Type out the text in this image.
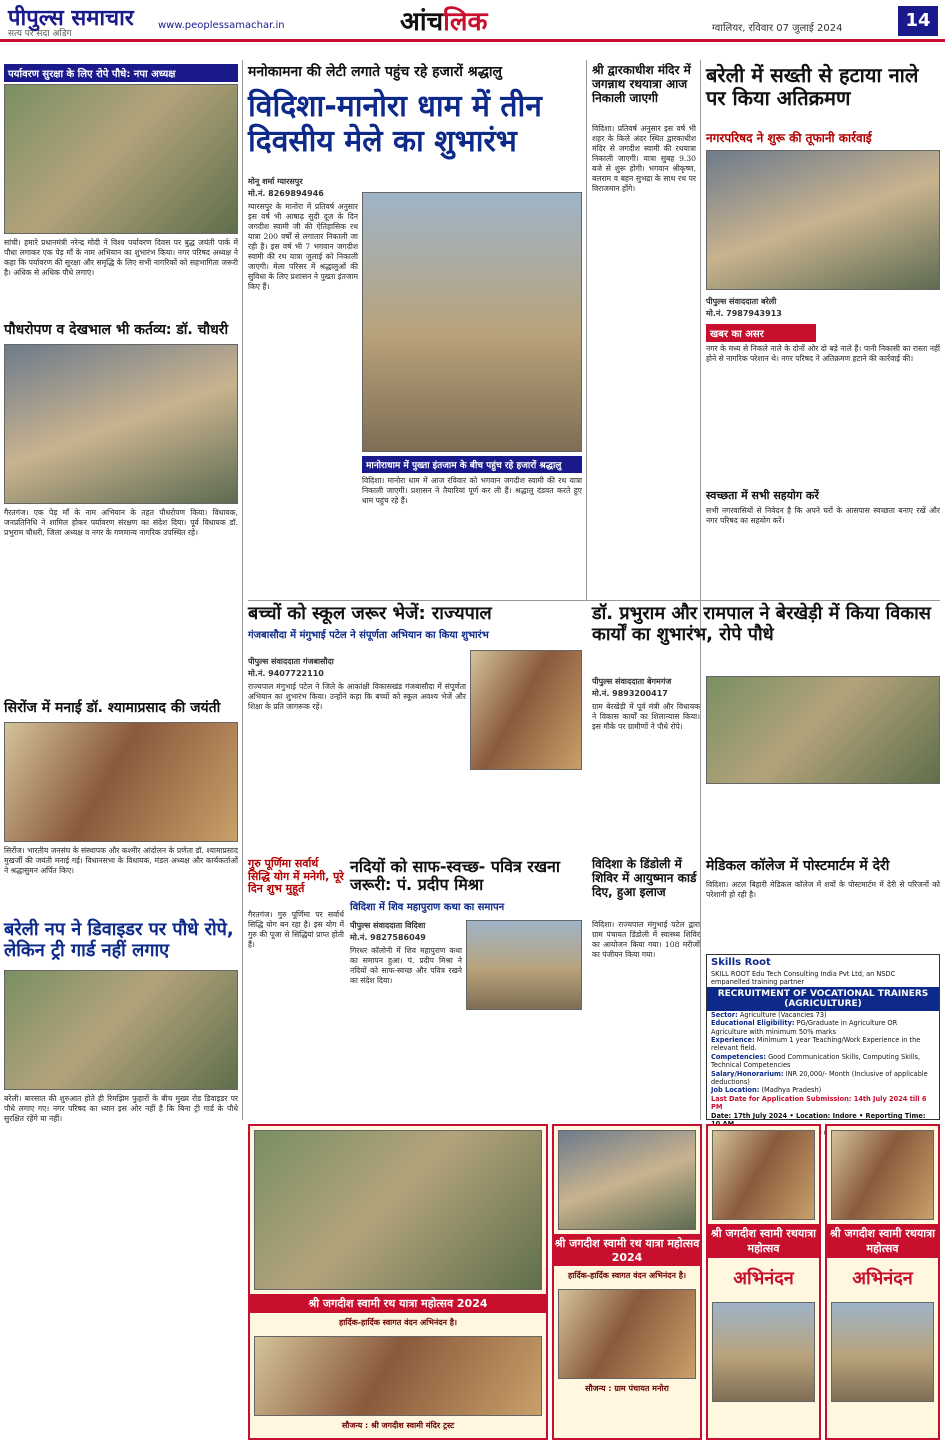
पीपुल्स समाचार
सत्य पर सदा अडिग
www.peoplessamachar.in	आंचलिक	ग्वालियर, रविवार 07 जुलाई 2024	14
पर्यावरण सुरक्षा के लिए रोपे पौधे: नपा अध्यक्ष
सांची। हमारे प्रधानमंत्री नरेन्द्र मोदी ने विश्व पर्यावरण दिवस पर बुद्ध जयंती पार्क में पौधा लगाकर एक पेड़ माँ के नाम अभियान का शुभारंभ किया। नगर परिषद अध्यक्ष ने कहा कि पर्यावरण की सुरक्षा और समृद्धि के लिए सभी नागरिकों को सहभागिता जरूरी है। अधिक से अधिक पौधे लगाएं।
पौधरोपण व देखभाल भी कर्तव्य: डॉ. चौधरी
गैरतगंज। एक पेड़ माँ के नाम अभियान के तहत पौधरोपण किया। विधायक, जनप्रतिनिधि ने शामिल होकर पर्यावरण संरक्षण का संदेश दिया। पूर्व विधायक डॉ. प्रभुराम चौधरी, जिला अध्यक्ष व नगर के गणमान्य नागरिक उपस्थित रहे।
सिरोंज में मनाई डॉ. श्यामाप्रसाद की जयंती
सिरोंज। भारतीय जनसंघ के संस्थापक और कश्मीर आंदोलन के प्रणेता डॉ. श्यामाप्रसाद मुखर्जी की जयंती मनाई गई। विधानसभा के विधायक, मंडल अध्यक्ष और कार्यकर्ताओं ने श्रद्धासुमन अर्पित किए।
बरेली नप ने डिवाइडर पर पौधे रोपे, लेकिन ट्री गार्ड नहीं लगाए
बरेली। बारसात की शुरुआत होते ही रिमझिम फुहारों के बीच मुख्य रोड डिवाइडर पर पौधे लगाए गए। नगर परिषद का ध्यान इस ओर नहीं है कि बिना ट्री गार्ड के पौधे सुरक्षित रहेंगे या नहीं।
मनोकामना की लेटी लगाते पहुंच रहे हजारों श्रद्धालु
विदिशा-मानोरा धाम में तीन दिवसीय मेले का शुभारंभ
मोनू शर्मा ग्यारसपुर
मो.नं. 8269894946
ग्यारसपुर के मानोरा में प्रतिवर्ष अनुसार इस वर्ष भी आषाढ़ सुदी दूज के दिन जगदीश स्वामी जी की ऐतिहासिक रथ यात्रा 200 वर्षों से लगातार निकाली जा रही है। इस वर्ष भी 7 भगवान जगदीश स्वामी की रथ यात्रा जुलाई को निकाली जाएगी। मेला परिसर में श्रद्धालुओं की सुविधा के लिए प्रशासन ने पुख्ता इंतजाम किए हैं।
मानोराधाम में पुख्ता इंतजाम के बीच पहुंच रहे हजारों श्रद्धालु
विदिशा। मानोरा धाम में आज रविवार को भगवान जगदीश स्वामी की रथ यात्रा निकाली जाएगी। प्रशासन ने तैयारियां पूर्ण कर ली हैं। श्रद्धालु दंडवत करते हुए धाम पहुंच रहे हैं।
श्री द्वारकाधीश मंदिर में जगन्नाथ रथयात्रा आज निकाली जाएगी
विदिशा। प्रतिवर्ष अनुसार इस वर्ष भी शहर के किले अंदर स्थित द्वारकाधीश मंदिर से जगदीश स्वामी की रथयात्रा निकाली जाएगी। यात्रा सुबह 9.30 बजे से शुरू होगी। भगवान श्रीकृष्ण, बलराम व बहन सुभद्रा के साथ रथ पर विराजमान होंगे।
बरेली में सख्ती से हटाया नाले पर किया अतिक्रमण
नगरपरिषद ने शुरू की तूफानी कार्रवाई
पीपुल्स संवाददाता बरेली
मो.नं. 7987943913
खबर का असर
नगर के मध्य से निकले नाले के दोनों ओर दो बड़े नाले हैं। पानी निकासी का रास्ता नहीं होने से नागरिक परेशान थे। नगर परिषद ने अतिक्रमण हटाने की कार्रवाई की।
स्वच्छता में सभी सहयोग करें
सभी नगरवासियों से निवेदन है कि अपने घरों के आसपास स्वच्छता बनाए रखें और नगर परिषद का सहयोग करें।
बच्चों को स्कूल जरूर भेजें: राज्यपाल
गंजबासौदा में मंगुभाई पटेल ने संपूर्णता अभियान का किया शुभारंभ
पीपुल्स संवाददाता गंजबासौदा
मो.नं. 9407722110
राज्यपाल मंगुभाई पटेल ने जिले के आकांक्षी विकासखंड गंजबासौदा में संपूर्णता अभियान का शुभारंभ किया। उन्होंने कहा कि बच्चों को स्कूल अवश्य भेजें और शिक्षा के प्रति जागरूक रहें।
डॉ. प्रभुराम और रामपाल ने बेरखेड़ी में किया विकास कार्यों का शुभारंभ, रोपे पौधे
पीपुल्स संवाददाता बेगमगंज
मो.नं. 9893200417
ग्राम बेरखेड़ी में पूर्व मंत्री और विधायक ने विकास कार्यों का शिलान्यास किया। इस मौके पर ग्रामीणों ने पौधे रोपे।
गुरु पूर्णिमा सर्वार्थ सिद्धि योग में मनेगी, पूरे दिन शुभ मुहूर्त
गैरतगंज। गुरु पूर्णिमा पर सर्वार्थ सिद्धि योग बन रहा है। इस योग में गुरु की पूजा से सिद्धियां प्राप्त होती हैं।
नदियों को साफ-स्वच्छ- पवित्र रखना जरूरी: पं. प्रदीप मिश्रा
विदिशा में शिव महापुराण कथा का समापन
पीपुल्स संवाददाता विदिशा
मो.नं. 9827586049
गिरधर कॉलोनी में शिव महापुराण कथा का समापन हुआ। पं. प्रदीप मिश्रा ने नदियों को साफ-स्वच्छ और पवित्र रखने का संदेश दिया।
विदिशा के डिंडोली में शिविर में आयुष्मान कार्ड दिए, हुआ इलाज
विदिशा। राज्यपाल मंगुभाई पटेल द्वारा ग्राम पंचायत डिंडोली में स्वास्थ्य शिविर का आयोजन किया गया। 108 मरीजों का पंजीयन किया गया।
मेडिकल कॉलेज में पोस्टमार्टम में देरी
विदिशा। अटल बिहारी मेडिकल कॉलेज में शवों के पोस्टमार्टम में देरी से परिजनों को परेशानी हो रही है।
Skills Root
SKILL ROOT Edu Tech Consulting India Pvt Ltd, an NSDC empanelled training partner
RECRUITMENT OF VOCATIONAL TRAINERS (AGRICULTURE)
Sector: Agriculture (Vacancies 73)
Educational Eligibility: PG/Graduate in Agriculture OR Agriculture with minimum 50% marks
Experience: Minimum 1 year Teaching/Work Experience in the relevant field.
Competencies: Good Communication Skills, Computing Skills, Technical Competencies
Salary/Honorarium: INR 20,000/- Month (Inclusive of applicable deductions)
Job Location: (Madhya Pradesh)
Last Date for Application Submission: 14th July 2024 till 6 PM
Date: 17th July 2024 • Location: Indore • Reporting Time:
श्री जगदीश स्वामी रथ यात्रा महोत्सव 2024
हार्दिक-हार्दिक स्वागत वंदन अभिनंदन है।
सौजन्य : श्री जगदीश स्वामी मंदिर ट्रस्ट
श्री जगदीश स्वामी रथ यात्रा महोत्सव 2024
हार्दिक-हार्दिक स्वागत वंदन अभिनंदन है।
सौजन्य : ग्राम पंचायत मनोरा
श्री जगदीश स्वामी रथयात्रा महोत्सव
अभिनंदन
श्री जगदीश स्वामी रथयात्रा महोत्सव
अभिनंदन
